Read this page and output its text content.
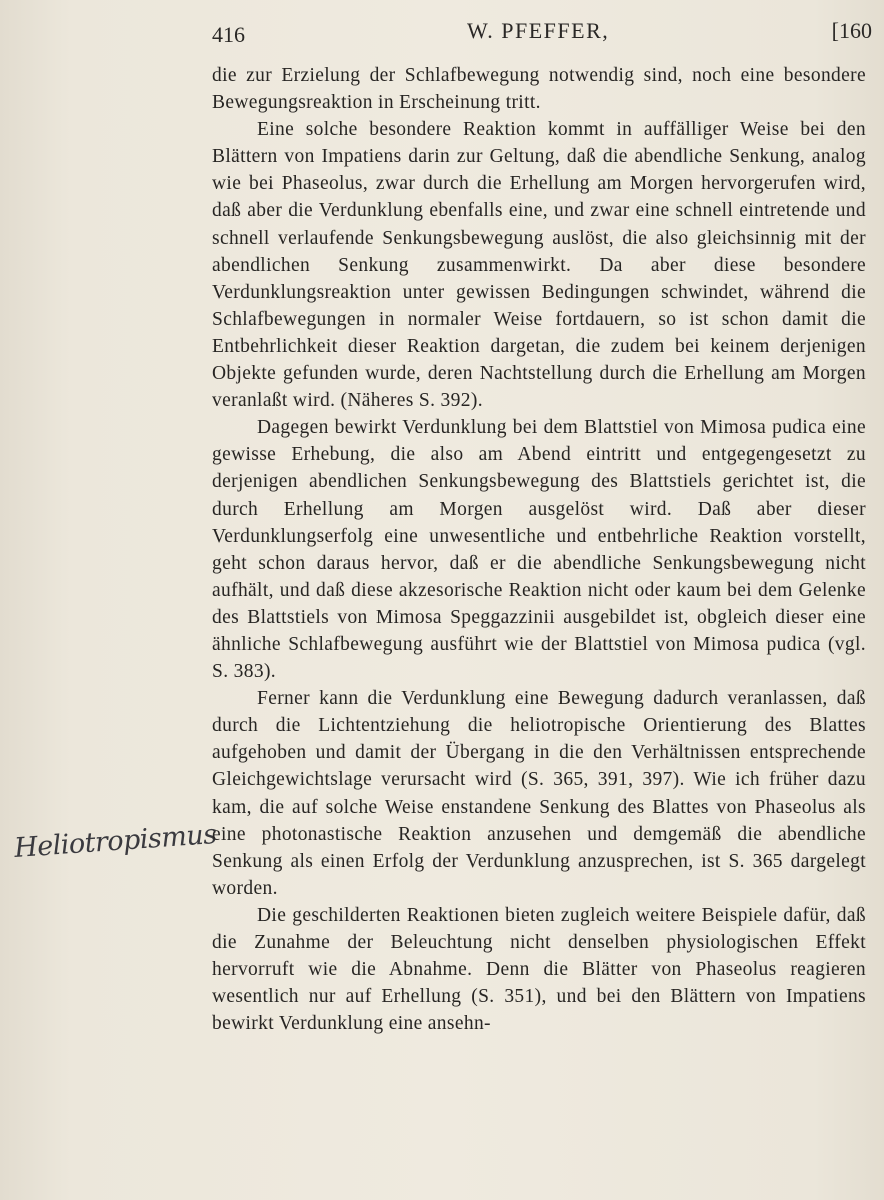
416	W. PFEFFER,	[160
Heliotropismus

die zur Erzielung der Schlafbewegung notwendig sind, noch eine besondere Bewegungsreaktion in Erscheinung tritt.

Eine solche besondere Reaktion kommt in auffälliger Weise bei den Blättern von Impatiens darin zur Geltung, daß die abendliche Senkung, analog wie bei Phaseolus, zwar durch die Erhellung am Morgen hervorgerufen wird, daß aber die Verdunklung ebenfalls eine, und zwar eine schnell eintretende und schnell verlaufende Senkungsbewegung auslöst, die also gleichsinnig mit der abendlichen Senkung zusammenwirkt. Da aber diese besondere Verdunklungsreaktion unter gewissen Bedingungen schwindet, während die Schlafbewegungen in normaler Weise fortdauern, so ist schon damit die Entbehrlichkeit dieser Reaktion dargetan, die zudem bei keinem derjenigen Objekte gefunden wurde, deren Nachtstellung durch die Erhellung am Morgen veranlaßt wird. (Näheres S. 392).

Dagegen bewirkt Verdunklung bei dem Blattstiel von Mimosa pudica eine gewisse Erhebung, die also am Abend eintritt und entgegengesetzt zu derjenigen abendlichen Senkungsbewegung des Blattstiels gerichtet ist, die durch Erhellung am Morgen ausgelöst wird. Daß aber dieser Verdunklungserfolg eine unwesentliche und entbehrliche Reaktion vorstellt, geht schon daraus hervor, daß er die abendliche Senkungsbewegung nicht aufhält, und daß diese akzesorische Reaktion nicht oder kaum bei dem Gelenke des Blattstiels von Mimosa Speggazzinii ausgebildet ist, obgleich dieser eine ähnliche Schlafbewegung ausführt wie der Blattstiel von Mimosa pudica (vgl. S. 383).

Ferner kann die Verdunklung eine Bewegung dadurch veranlassen, daß durch die Lichtentziehung die heliotropische Orientierung des Blattes aufgehoben und damit der Übergang in die den Verhältnissen entsprechende Gleichgewichtslage verursacht wird (S. 365, 391, 397). Wie ich früher dazu kam, die auf solche Weise enstandene Senkung des Blattes von Phaseolus als eine photonastische Reaktion anzusehen und demgemäß die abendliche Senkung als einen Erfolg der Verdunklung anzusprechen, ist S. 365 dargelegt worden.

Die geschilderten Reaktionen bieten zugleich weitere Beispiele dafür, daß die Zunahme der Beleuchtung nicht denselben physiologischen Effekt hervorruft wie die Abnahme. Denn die Blätter von Phaseolus reagieren wesentlich nur auf Erhellung (S. 351), und bei den Blättern von Impatiens bewirkt Verdunklung eine ansehn-
